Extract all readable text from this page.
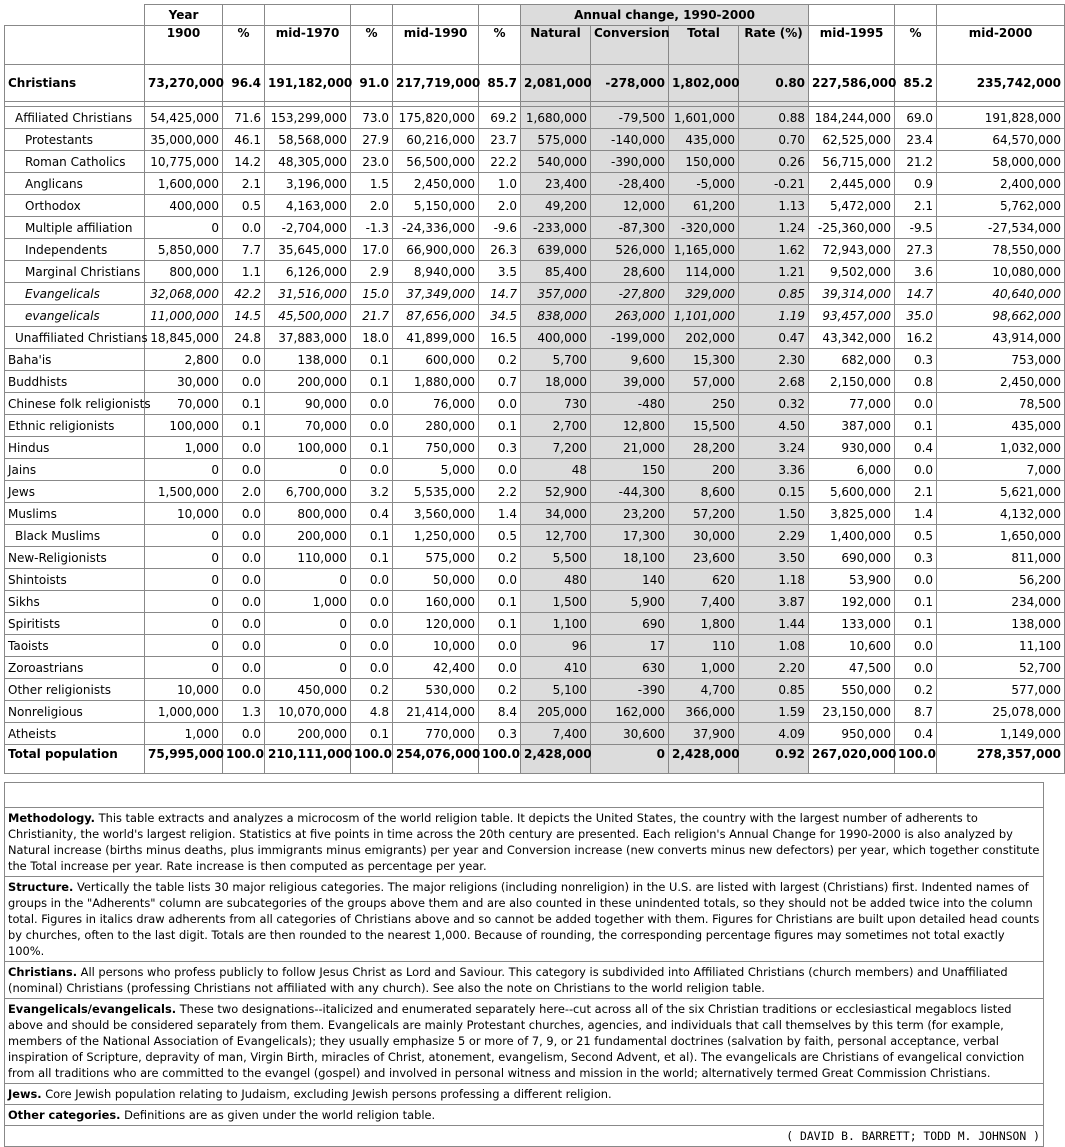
	Year						Annual change, 1990-2000						
	1900	%	mid-1970	%	mid-1990	%	Natural	Conversion	Total	Rate (%)	mid-1995	%	mid-2000
Christians	73,270,000	96.4	191,182,000	91.0	217,719,000	85.7	2,081,000	-278,000	1,802,000	0.80	227,586,000	85.2	235,742,000

Affiliated Christians	54,425,000	71.6	153,299,000	73.0	175,820,000	69.2	1,680,000	-79,500	1,601,000	0.88	184,244,000	69.0	191,828,000
Protestants	35,000,000	46.1	58,568,000	27.9	60,216,000	23.7	575,000	-140,000	435,000	0.70	62,525,000	23.4	64,570,000
Roman Catholics	10,775,000	14.2	48,305,000	23.0	56,500,000	22.2	540,000	-390,000	150,000	0.26	56,715,000	21.2	58,000,000
Anglicans	1,600,000	2.1	3,196,000	1.5	2,450,000	1.0	23,400	-28,400	-5,000	-0.21	2,445,000	0.9	2,400,000
Orthodox	400,000	0.5	4,163,000	2.0	5,150,000	2.0	49,200	12,000	61,200	1.13	5,472,000	2.1	5,762,000
Multiple affiliation	0	0.0	-2,704,000	-1.3	-24,336,000	-9.6	-233,000	-87,300	-320,000	1.24	-25,360,000	-9.5	-27,534,000
Independents	5,850,000	7.7	35,645,000	17.0	66,900,000	26.3	639,000	526,000	1,165,000	1.62	72,943,000	27.3	78,550,000
Marginal Christians	800,000	1.1	6,126,000	2.9	8,940,000	3.5	85,400	28,600	114,000	1.21	9,502,000	3.6	10,080,000
Evangelicals	32,068,000	42.2	31,516,000	15.0	37,349,000	14.7	357,000	-27,800	329,000	0.85	39,314,000	14.7	40,640,000
evangelicals	11,000,000	14.5	45,500,000	21.7	87,656,000	34.5	838,000	263,000	1,101,000	1.19	93,457,000	35.0	98,662,000
Unaffiliated Christians	18,845,000	24.8	37,883,000	18.0	41,899,000	16.5	400,000	-199,000	202,000	0.47	43,342,000	16.2	43,914,000
Baha'is	2,800	0.0	138,000	0.1	600,000	0.2	5,700	9,600	15,300	2.30	682,000	0.3	753,000
Buddhists	30,000	0.0	200,000	0.1	1,880,000	0.7	18,000	39,000	57,000	2.68	2,150,000	0.8	2,450,000
Chinese folk religionists	70,000	0.1	90,000	0.0	76,000	0.0	730	-480	250	0.32	77,000	0.0	78,500
Ethnic religionists	100,000	0.1	70,000	0.0	280,000	0.1	2,700	12,800	15,500	4.50	387,000	0.1	435,000
Hindus	1,000	0.0	100,000	0.1	750,000	0.3	7,200	21,000	28,200	3.24	930,000	0.4	1,032,000
Jains	0	0.0	0	0.0	5,000	0.0	48	150	200	3.36	6,000	0.0	7,000
Jews	1,500,000	2.0	6,700,000	3.2	5,535,000	2.2	52,900	-44,300	8,600	0.15	5,600,000	2.1	5,621,000
Muslims	10,000	0.0	800,000	0.4	3,560,000	1.4	34,000	23,200	57,200	1.50	3,825,000	1.4	4,132,000
Black Muslims	0	0.0	200,000	0.1	1,250,000	0.5	12,700	17,300	30,000	2.29	1,400,000	0.5	1,650,000
New-Religionists	0	0.0	110,000	0.1	575,000	0.2	5,500	18,100	23,600	3.50	690,000	0.3	811,000
Shintoists	0	0.0	0	0.0	50,000	0.0	480	140	620	1.18	53,900	0.0	56,200
Sikhs	0	0.0	1,000	0.0	160,000	0.1	1,500	5,900	7,400	3.87	192,000	0.1	234,000
Spiritists	0	0.0	0	0.0	120,000	0.1	1,100	690	1,800	1.44	133,000	0.1	138,000
Taoists	0	0.0	0	0.0	10,000	0.0	96	17	110	1.08	10,600	0.0	11,100
Zoroastrians	0	0.0	0	0.0	42,400	0.0	410	630	1,000	2.20	47,500	0.0	52,700
Other religionists	10,000	0.0	450,000	0.2	530,000	0.2	5,100	-390	4,700	0.85	550,000	0.2	577,000
Nonreligious	1,000,000	1.3	10,070,000	4.8	21,414,000	8.4	205,000	162,000	366,000	1.59	23,150,000	8.7	25,078,000
Atheists	1,000	0.0	200,000	0.1	770,000	0.3	7,400	30,600	37,900	4.09	950,000	0.4	1,149,000
Total population	75,995,000	100.0	210,111,000	100.0	254,076,000	100.0	2,428,000	0	2,428,000	0.92	267,020,000	100.0	278,357,000

Methodology. This table extracts and analyzes a microcosm of the world religion table. It depicts the United States, the country with the largest number of adherents to Christianity, the world's largest religion. Statistics at five points in time across the 20th century are presented. Each religion's Annual Change for 1990-2000 is also analyzed by Natural increase (births minus deaths, plus immigrants minus emigrants) per year and Conversion increase (new converts minus new defectors) per year, which together constitute the Total increase per year. Rate increase is then computed as percentage per year.
Structure. Vertically the table lists 30 major religious categories. The major religions (including nonreligion) in the U.S. are listed with largest (Christians) first. Indented names of groups in the "Adherents" column are subcategories of the groups above them and are also counted in these unindented totals, so they should not be added twice into the column total. Figures in italics draw adherents from all categories of Christians above and so cannot be added together with them. Figures for Christians are built upon detailed head counts by churches, often to the last digit. Totals are then rounded to the nearest 1,000. Because of rounding, the corresponding percentage figures may sometimes not total exactly 100%.
Christians. All persons who profess publicly to follow Jesus Christ as Lord and Saviour. This category is subdivided into Affiliated Christians (church members) and Unaffiliated (nominal) Christians (professing Christians not affiliated with any church). See also the note on Christians to the world religion table.
Evangelicals/evangelicals. These two designations--italicized and enumerated separately here--cut across all of the six Christian traditions or ecclesiastical megablocs listed above and should be considered separately from them. Evangelicals are mainly Protestant churches, agencies, and individuals that call themselves by this term (for example, members of the National Association of Evangelicals); they usually emphasize 5 or more of 7, 9, or 21 fundamental doctrines (salvation by faith, personal acceptance, verbal inspiration of Scripture, depravity of man, Virgin Birth, miracles of Christ, atonement, evangelism, Second Advent, et al). The evangelicals are Christians of evangelical conviction from all traditions who are committed to the evangel (gospel) and involved in personal witness and mission in the world; alternatively termed Great Commission Christians.
Jews. Core Jewish population relating to Judaism, excluding Jewish persons professing a different religion.
Other categories. Definitions are as given under the world religion table.
( DAVID B. BARRETT; TODD M. JOHNSON )
